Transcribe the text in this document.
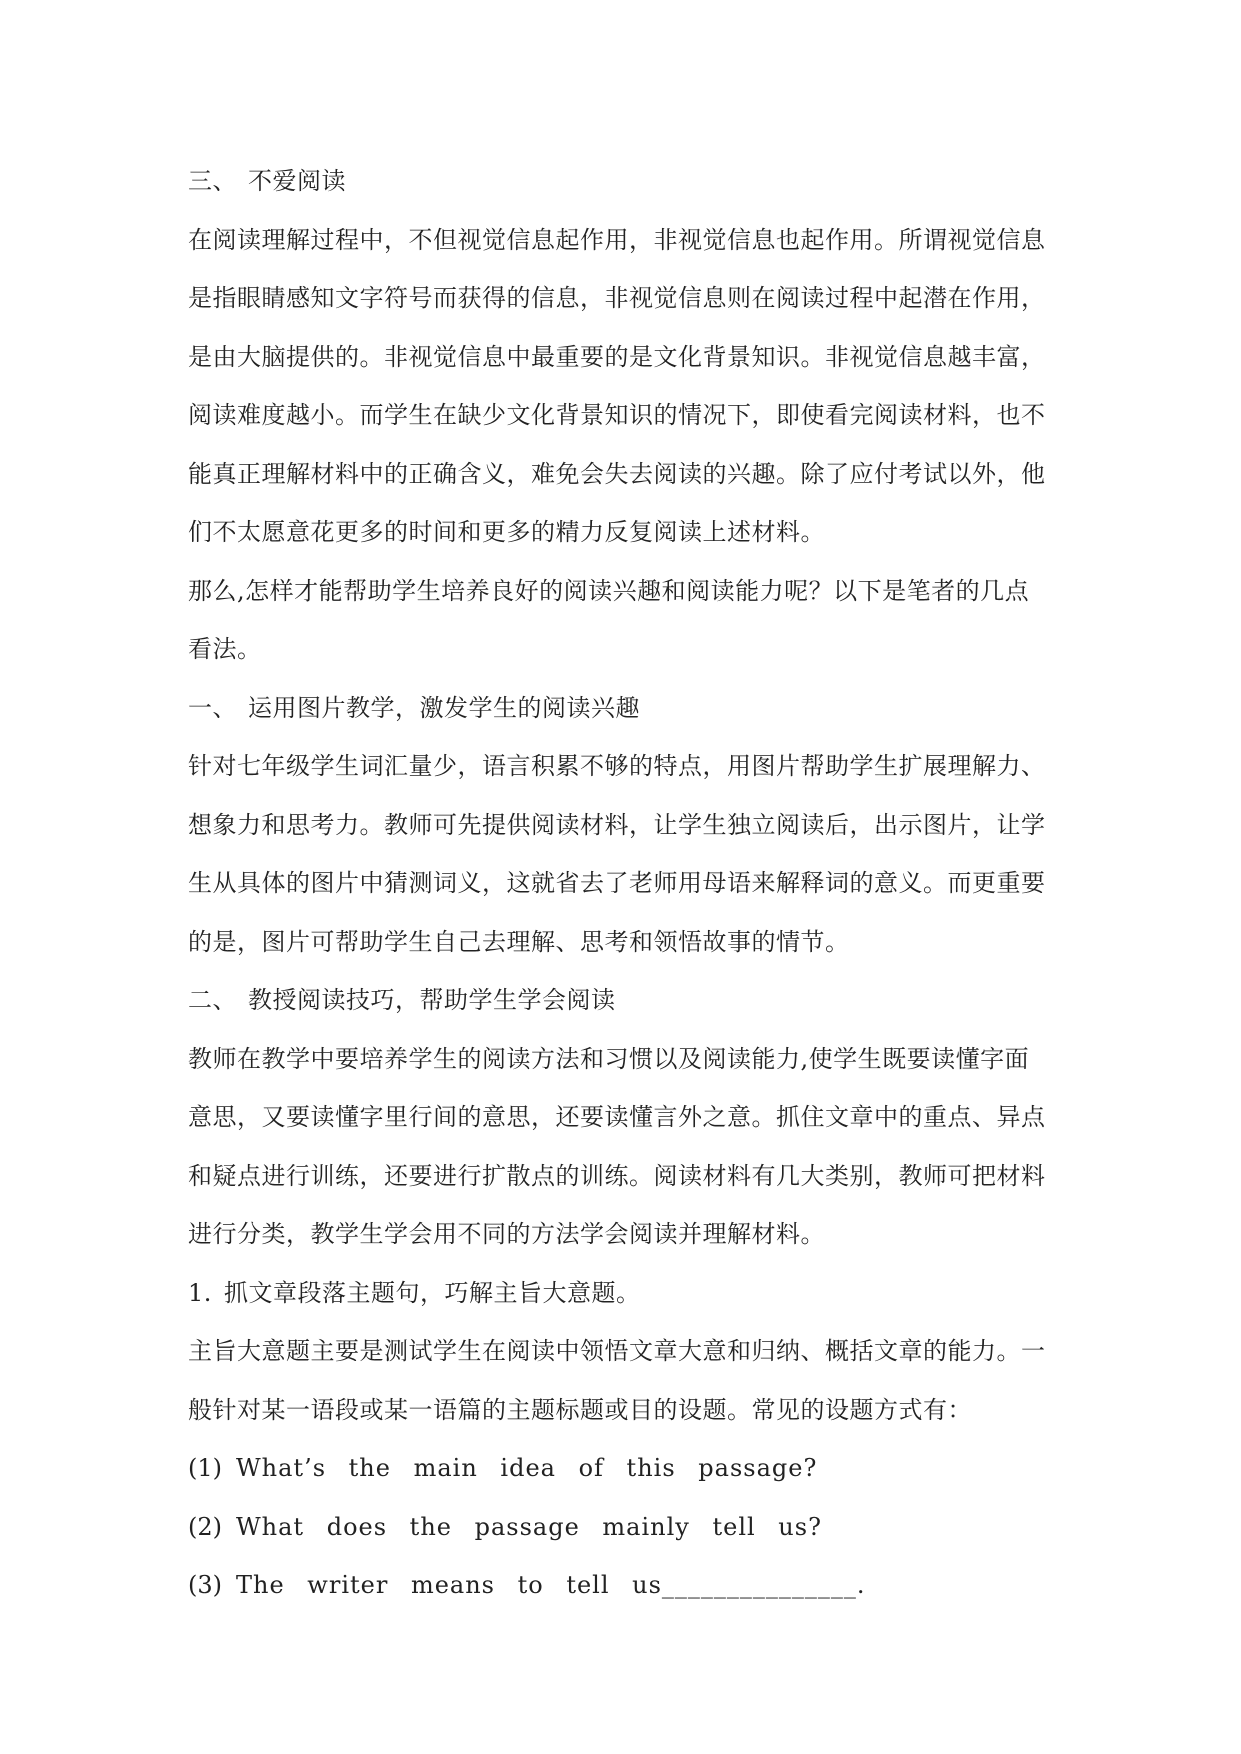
三、 不爱阅读

在阅读理解过程中，不但视觉信息起作用，非视觉信息也起作用。所谓视觉信息

是指眼睛感知文字符号而获得的信息，非视觉信息则在阅读过程中起潜在作用，

是由大脑提供的。非视觉信息中最重要的是文化背景知识。非视觉信息越丰富，

阅读难度越小。而学生在缺少文化背景知识的情况下，即使看完阅读材料，也不

能真正理解材料中的正确含义，难免会失去阅读的兴趣。除了应付考试以外，他

们不太愿意花更多的时间和更多的精力反复阅读上述材料。

那么,怎样才能帮助学生培养良好的阅读兴趣和阅读能力呢？以下是笔者的几点

看法。

一、 运用图片教学，激发学生的阅读兴趣

针对七年级学生词汇量少，语言积累不够的特点，用图片帮助学生扩展理解力、

想象力和思考力。教师可先提供阅读材料，让学生独立阅读后，出示图片，让学

生从具体的图片中猜测词义，这就省去了老师用母语来解释词的意义。而更重要

的是，图片可帮助学生自己去理解、思考和领悟故事的情节。

二、 教授阅读技巧，帮助学生学会阅读

教师在教学中要培养学生的阅读方法和习惯以及阅读能力,使学生既要读懂字面

意思，又要读懂字里行间的意思，还要读懂言外之意。抓住文章中的重点、异点

和疑点进行训练，还要进行扩散点的训练。阅读材料有几大类别，教师可把材料

进行分类，教学生学会用不同的方法学会阅读并理解材料。

1. 抓文章段落主题句，巧解主旨大意题。

主旨大意题主要是测试学生在阅读中领悟文章大意和归纳、概括文章的能力。一

般针对某一语段或某一语篇的主题标题或目的设题。常见的设题方式有：

(1) What’s the main idea of this passage?

(2) What does the passage mainly tell us?

(3) The writer means to tell us_______________.
